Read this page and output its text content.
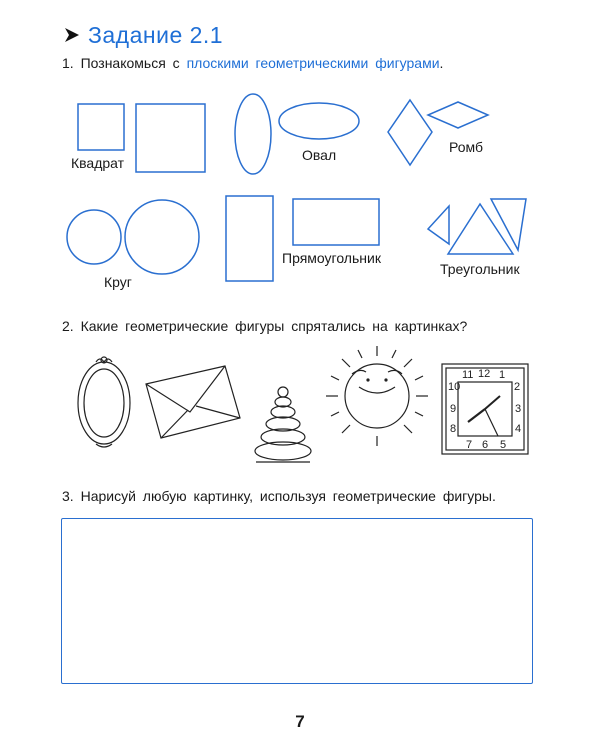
Задание 2.1
1. Познакомься с плоскими геометрическими фигурами.
Квадрат	Овал	Ромб
Круг
Прямоугольник
Треугольник
2. Какие геометрические фигуры спрятались на картинках?
12
11 1
10	2
9	3
8	4
7 6 5
3. Нарисуй любую картинку, используя геометрические фигуры.
7
